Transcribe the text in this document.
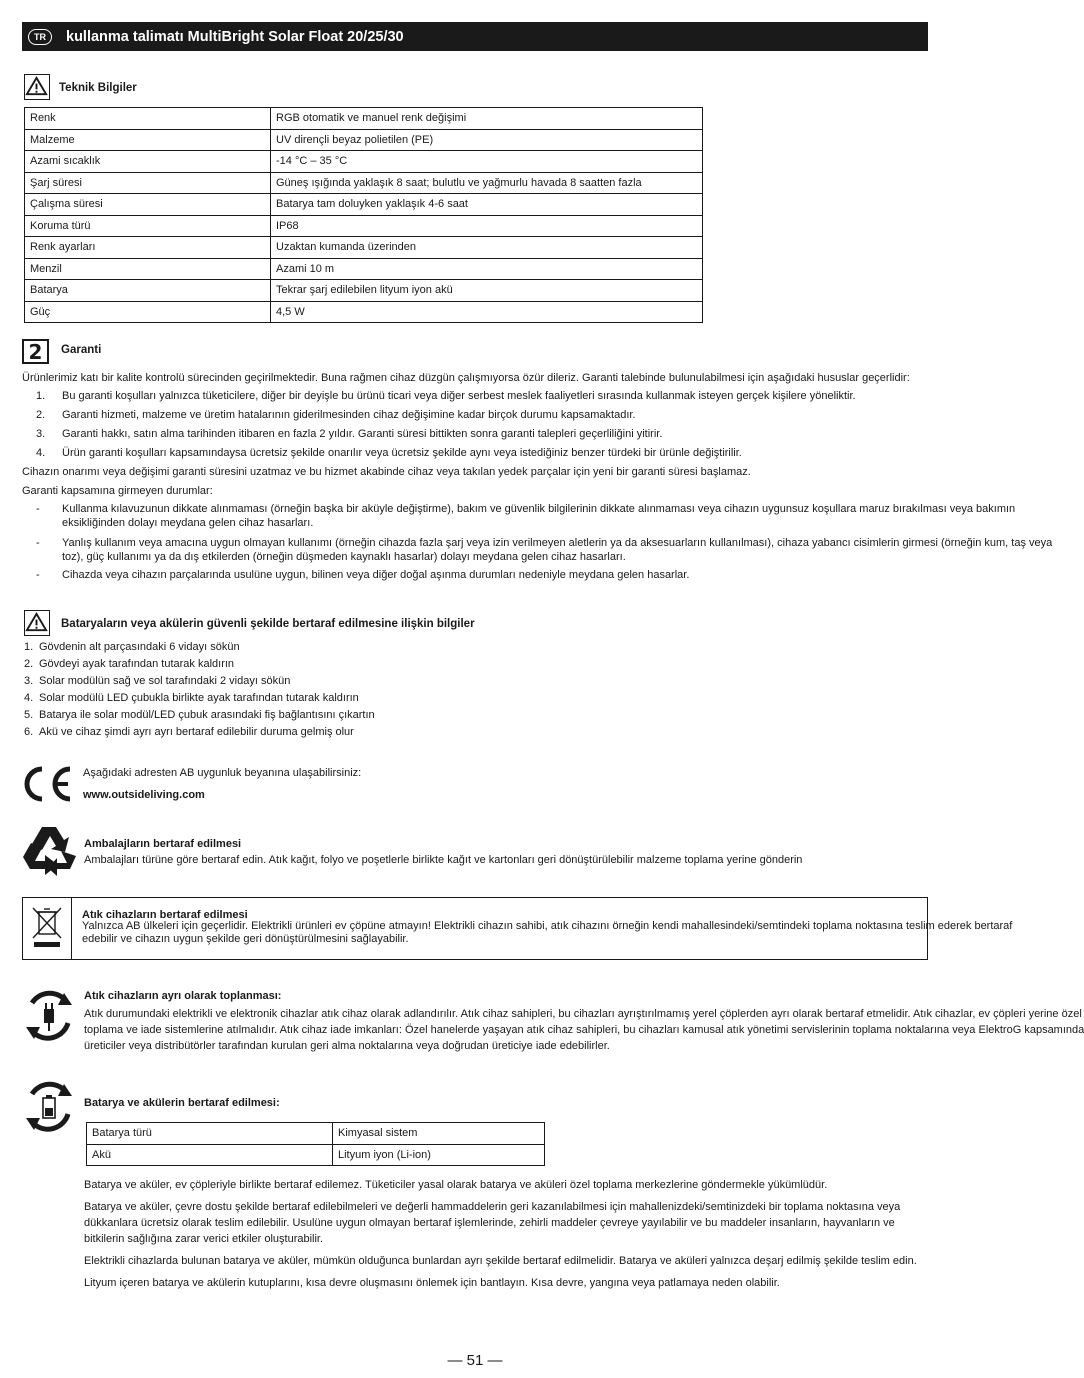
TR	kullanma talimatı MultiBright Solar Float 20/25/30
Teknik Bilgiler
Renk	RGB otomatik ve manuel renk değişimi
Malzeme	UV dirençli beyaz polietilen (PE)
Azami sıcaklık	-14 °C – 35 °C
Şarj süresi	Güneş ışığında yaklaşık 8 saat; bulutlu ve yağmurlu havada 8 saatten fazla
Çalışma süresi	Batarya tam doluyken yaklaşık 4-6 saat
Koruma türü	IP68
Renk ayarları	Uzaktan kumanda üzerinden
Menzil	Azami 10 m
Batarya	Tekrar şarj edilebilen lityum iyon akü
Güç	4,5 W
2	Garanti
Ürünlerimiz katı bir kalite kontrolü sürecinden geçirilmektedir. Buna rağmen cihaz düzgün çalışmıyorsa özür dileriz. Garanti talebinde bulunulabilmesi için aşağıdaki hususlar geçerlidir:
1. Bu garanti koşulları yalnızca tüketicilere, diğer bir deyişle bu ürünü ticari veya diğer serbest meslek faaliyetleri sırasında kullanmak isteyen gerçek kişilere yöneliktir.
2. Garanti hizmeti, malzeme ve üretim hatalarının giderilmesinden cihaz değişimine kadar birçok durumu kapsamaktadır.
3. Garanti hakkı, satın alma tarihinden itibaren en fazla 2 yıldır. Garanti süresi bittikten sonra garanti talepleri geçerliliğini yitirir.
4. Ürün garanti koşulları kapsamındaysa ücretsiz şekilde onarılır veya ücretsiz şekilde aynı veya istediğiniz benzer türdeki bir ürünle değiştirilir.
Cihazın onarımı veya değişimi garanti süresini uzatmaz ve bu hizmet akabinde cihaz veya takılan yedek parçalar için yeni bir garanti süresi başlamaz.
Garanti kapsamına girmeyen durumlar:
- Kullanma kılavuzunun dikkate alınmaması (örneğin başka bir aküyle değiştirme), bakım ve güvenlik bilgilerinin dikkate alınmaması veya cihazın uygunsuz koşullara maruz bırakılması veya bakımın
eksikliğinden dolayı meydana gelen cihaz hasarları.
- Yanlış kullanım veya amacına uygun olmayan kullanımı (örneğin cihazda fazla şarj veya izin verilmeyen aletlerin ya da aksesuarların kullanılması), cihaza yabancı cisimlerin girmesi (örneğin kum, taş veya
toz), güç kullanımı ya da dış etkilerden (örneğin düşmeden kaynaklı hasarlar) dolayı meydana gelen cihaz hasarları.
- Cihazda veya cihazın parçalarında usulüne uygun, bilinen veya diğer doğal aşınma durumları nedeniyle meydana gelen hasarlar.
Bataryaların veya akülerin güvenli şekilde bertaraf edilmesine ilişkin bilgiler
1. Gövdenin alt parçasındaki 6 vidayı sökün
2. Gövdeyi ayak tarafından tutarak kaldırın
3. Solar modülün sağ ve sol tarafındaki 2 vidayı sökün
4. Solar modülü LED çubukla birlikte ayak tarafından tutarak kaldırın
5. Batarya ile solar modül/LED çubuk arasındaki fiş bağlantısını çıkartın
6. Akü ve cihaz şimdi ayrı ayrı bertaraf edilebilir duruma gelmiş olur
Aşağıdaki adresten AB uygunluk beyanına ulaşabilirsiniz:
www.outsideliving.com
Ambalajların bertaraf edilmesi
Ambalajları türüne göre bertaraf edin. Atık kağıt, folyo ve poşetlerle birlikte kağıt ve kartonları geri dönüştürülebilir malzeme toplama yerine gönderin
Atık cihazların bertaraf edilmesi
Yalnızca AB ülkeleri için geçerlidir. Elektrikli ürünleri ev çöpüne atmayın! Elektrikli cihazın sahibi, atık cihazını örneğin kendi mahallesindeki/semtindeki toplama noktasına teslim ederek bertaraf
edebilir ve cihazın uygun şekilde geri dönüştürülmesini sağlayabilir.
Atık cihazların ayrı olarak toplanması:
Atık durumundaki elektrikli ve elektronik cihazlar atık cihaz olarak adlandırılır. Atık cihaz sahipleri, bu cihazları ayrıştırılmamış yerel çöplerden ayrı olarak bertaraf etmelidir. Atık cihazlar, ev çöpleri yerine özel
toplama ve iade sistemlerine atılmalıdır. Atık cihaz iade imkanları: Özel hanelerde yaşayan atık cihaz sahipleri, bu cihazları kamusal atık yönetimi servislerinin toplama noktalarına veya ElektroG kapsamında
üreticiler veya distribütörler tarafından kurulan geri alma noktalarına veya doğrudan üreticiye iade edebilirler.
Batarya ve akülerin bertaraf edilmesi:
Batarya türü	Kimyasal sistem
Akü	Lityum iyon (Li-ion)
Batarya ve aküler, ev çöpleriyle birlikte bertaraf edilemez. Tüketiciler yasal olarak batarya ve aküleri özel toplama merkezlerine göndermekle yükümlüdür.
Batarya ve aküler, çevre dostu şekilde bertaraf edilebilmeleri ve değerli hammaddelerin geri kazanılabilmesi için mahallenizdeki/semtinizdeki bir toplama noktasına veya
dükkanlara ücretsiz olarak teslim edilebilir. Usulüne uygun olmayan bertaraf işlemlerinde, zehirli maddeler çevreye yayılabilir ve bu maddeler insanların, hayvanların ve
bitkilerin sağlığına zarar verici etkiler oluşturabilir.
Elektrikli cihazlarda bulunan batarya ve aküler, mümkün olduğunca bunlardan ayrı şekilde bertaraf edilmelidir. Batarya ve aküleri yalnızca deşarj edilmiş şekilde teslim edin.
Lityum içeren batarya ve akülerin kutuplarını, kısa devre oluşmasını önlemek için bantlayın. Kısa devre, yangına veya patlamaya neden olabilir.
— 51 —
